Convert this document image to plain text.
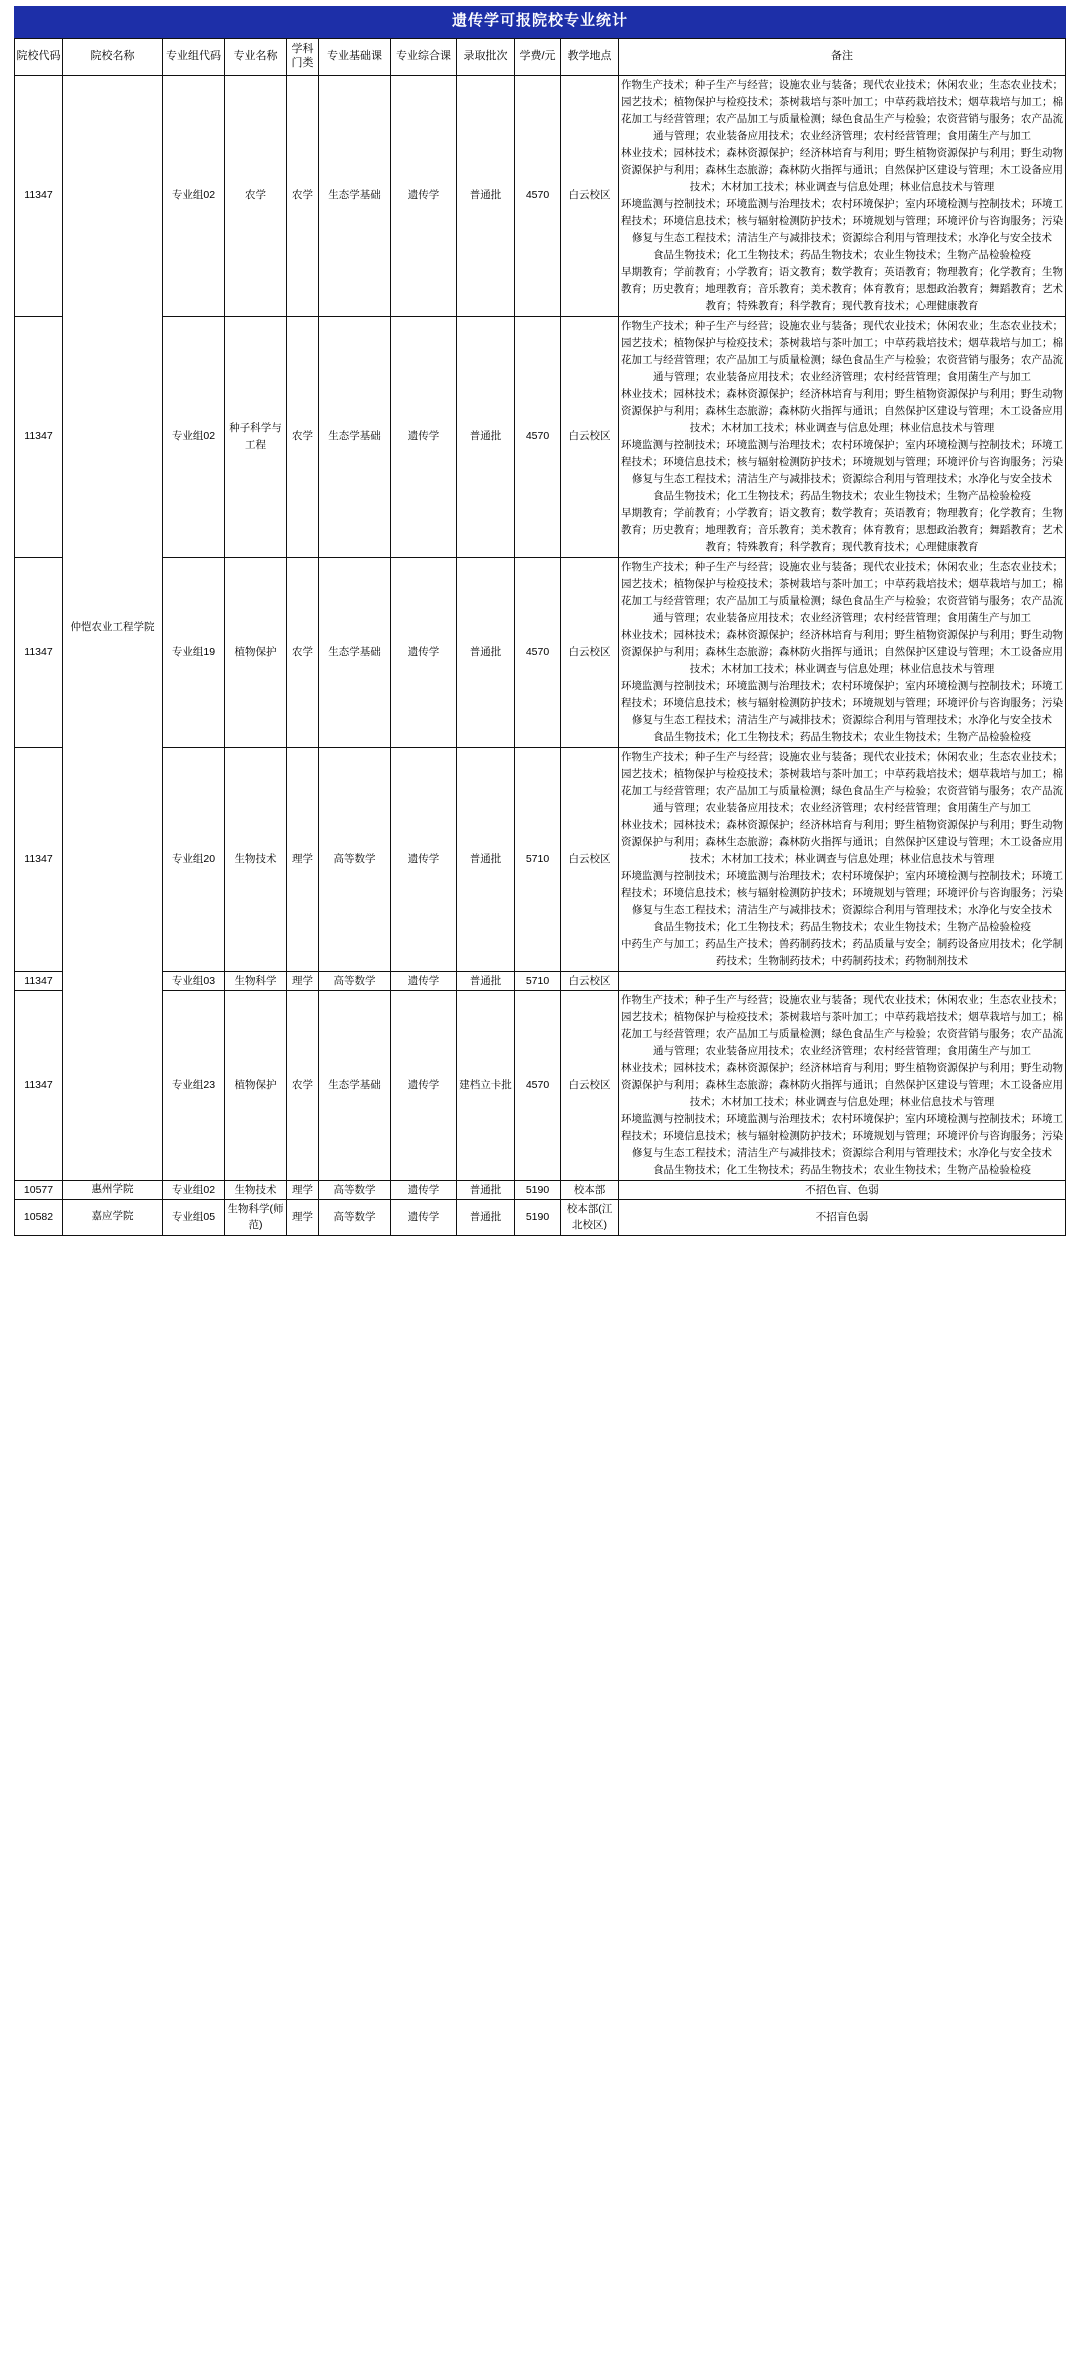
遗传学可报院校专业统计
院校代码	院校名称	专业组代码	专业名称	学科门类	专业基础课	专业综合课	录取批次	学费/元	教学地点	备注
11347	仲恺农业工程学院	专业组02	农学	农学	生态学基础	遗传学	普通批	4570	白云校区	作物生产技术；种子生产与经营；设施农业与装备；现代农业技术；休闲农业；生态农业技术；园艺技术；植物保护与检疫技术；茶树栽培与茶叶加工；中草药栽培技术；烟草栽培与加工；棉花加工与经营管理；农产品加工与质量检测；绿色食品生产与检验；农资营销与服务；农产品流通与管理；农业装备应用技术；农业经济管理；农村经营管理；食用菌生产与加工

林业技术；园林技术；森林资源保护；经济林培育与利用；野生植物资源保护与利用；野生动物资源保护与利用；森林生态旅游；森林防火指挥与通讯；自然保护区建设与管理；木工设备应用技术；木材加工技术；林业调查与信息处理；林业信息技术与管理

环境监测与控制技术；环境监测与治理技术；农村环境保护；室内环境检测与控制技术；环境工程技术；环境信息技术；核与辐射检测防护技术；环境规划与管理；环境评价与咨询服务；污染修复与生态工程技术；清洁生产与减排技术；资源综合利用与管理技术；水净化与安全技术

食品生物技术；化工生物技术；药品生物技术；农业生物技术；生物产品检验检疫

早期教育；学前教育；小学教育；语文教育；数学教育；英语教育；物理教育；化学教育；生物教育；历史教育；地理教育；音乐教育；美术教育；体育教育；思想政治教育；舞蹈教育；艺术教育；特殊教育；科学教育；现代教育技术；心理健康教育

11347		专业组02	种子科学与工程	农学	生态学基础	遗传学	普通批	4570	白云校区	作物生产技术；种子生产与经营；设施农业与装备；现代农业技术；休闲农业；生态农业技术；园艺技术；植物保护与检疫技术；茶树栽培与茶叶加工；中草药栽培技术；烟草栽培与加工；棉花加工与经营管理；农产品加工与质量检测；绿色食品生产与检验；农资营销与服务；农产品流通与管理；农业装备应用技术；农业经济管理；农村经营管理；食用菌生产与加工

林业技术；园林技术；森林资源保护；经济林培育与利用；野生植物资源保护与利用；野生动物资源保护与利用；森林生态旅游；森林防火指挥与通讯；自然保护区建设与管理；木工设备应用技术；木材加工技术；林业调查与信息处理；林业信息技术与管理

环境监测与控制技术；环境监测与治理技术；农村环境保护；室内环境检测与控制技术；环境工程技术；环境信息技术；核与辐射检测防护技术；环境规划与管理；环境评价与咨询服务；污染修复与生态工程技术；清洁生产与减排技术；资源综合利用与管理技术；水净化与安全技术

食品生物技术；化工生物技术；药品生物技术；农业生物技术；生物产品检验检疫

早期教育；学前教育；小学教育；语文教育；数学教育；英语教育；物理教育；化学教育；生物教育；历史教育；地理教育；音乐教育；美术教育；体育教育；思想政治教育；舞蹈教育；艺术教育；特殊教育；科学教育；现代教育技术；心理健康教育

11347		专业组19	植物保护	农学	生态学基础	遗传学	普通批	4570	白云校区	作物生产技术；种子生产与经营；设施农业与装备；现代农业技术；休闲农业；生态农业技术；园艺技术；植物保护与检疫技术；茶树栽培与茶叶加工；中草药栽培技术；烟草栽培与加工；棉花加工与经营管理；农产品加工与质量检测；绿色食品生产与检验；农资营销与服务；农产品流通与管理；农业装备应用技术；农业经济管理；农村经营管理；食用菌生产与加工

林业技术；园林技术；森林资源保护；经济林培育与利用；野生植物资源保护与利用；野生动物资源保护与利用；森林生态旅游；森林防火指挥与通讯；自然保护区建设与管理；木工设备应用技术；木材加工技术；林业调查与信息处理；林业信息技术与管理

环境监测与控制技术；环境监测与治理技术；农村环境保护；室内环境检测与控制技术；环境工程技术；环境信息技术；核与辐射检测防护技术；环境规划与管理；环境评价与咨询服务；污染修复与生态工程技术；清洁生产与减排技术；资源综合利用与管理技术；水净化与安全技术

食品生物技术；化工生物技术；药品生物技术；农业生物技术；生物产品检验检疫

11347		专业组20	生物技术	理学	高等数学	遗传学	普通批	5710	白云校区	作物生产技术；种子生产与经营；设施农业与装备；现代农业技术；休闲农业；生态农业技术；园艺技术；植物保护与检疫技术；茶树栽培与茶叶加工；中草药栽培技术；烟草栽培与加工；棉花加工与经营管理；农产品加工与质量检测；绿色食品生产与检验；农资营销与服务；农产品流通与管理；农业装备应用技术；农业经济管理；农村经营管理；食用菌生产与加工

林业技术；园林技术；森林资源保护；经济林培育与利用；野生植物资源保护与利用；野生动物资源保护与利用；森林生态旅游；森林防火指挥与通讯；自然保护区建设与管理；木工设备应用技术；木材加工技术；林业调查与信息处理；林业信息技术与管理

环境监测与控制技术；环境监测与治理技术；农村环境保护；室内环境检测与控制技术；环境工程技术；环境信息技术；核与辐射检测防护技术；环境规划与管理；环境评价与咨询服务；污染修复与生态工程技术；清洁生产与减排技术；资源综合利用与管理技术；水净化与安全技术

食品生物技术；化工生物技术；药品生物技术；农业生物技术；生物产品检验检疫

中药生产与加工；药品生产技术；兽药制药技术；药品质量与安全；制药设备应用技术；化学制药技术；生物制药技术；中药制药技术；药物制剂技术

11347		专业组03	生物科学	理学	高等数学	遗传学	普通批	5710	白云校区	
11347		专业组23	植物保护	农学	生态学基础	遗传学	建档立卡批	4570	白云校区	作物生产技术；种子生产与经营；设施农业与装备；现代农业技术；休闲农业；生态农业技术；园艺技术；植物保护与检疫技术；茶树栽培与茶叶加工；中草药栽培技术；烟草栽培与加工；棉花加工与经营管理；农产品加工与质量检测；绿色食品生产与检验；农资营销与服务；农产品流通与管理；农业装备应用技术；农业经济管理；农村经营管理；食用菌生产与加工

林业技术；园林技术；森林资源保护；经济林培育与利用；野生植物资源保护与利用；野生动物资源保护与利用；森林生态旅游；森林防火指挥与通讯；自然保护区建设与管理；木工设备应用技术；木材加工技术；林业调查与信息处理；林业信息技术与管理

环境监测与控制技术；环境监测与治理技术；农村环境保护；室内环境检测与控制技术；环境工程技术；环境信息技术；核与辐射检测防护技术；环境规划与管理；环境评价与咨询服务；污染修复与生态工程技术；清洁生产与减排技术；资源综合利用与管理技术；水净化与安全技术

食品生物技术；化工生物技术；药品生物技术；农业生物技术；生物产品检验检疫

10577	惠州学院	专业组02	生物技术	理学	高等数学	遗传学	普通批	5190	校本部	不招色盲、色弱
10582	嘉应学院	专业组05	生物科学(师范)	理学	高等数学	遗传学	普通批	5190	校本部(江北校区)	不招盲色弱
